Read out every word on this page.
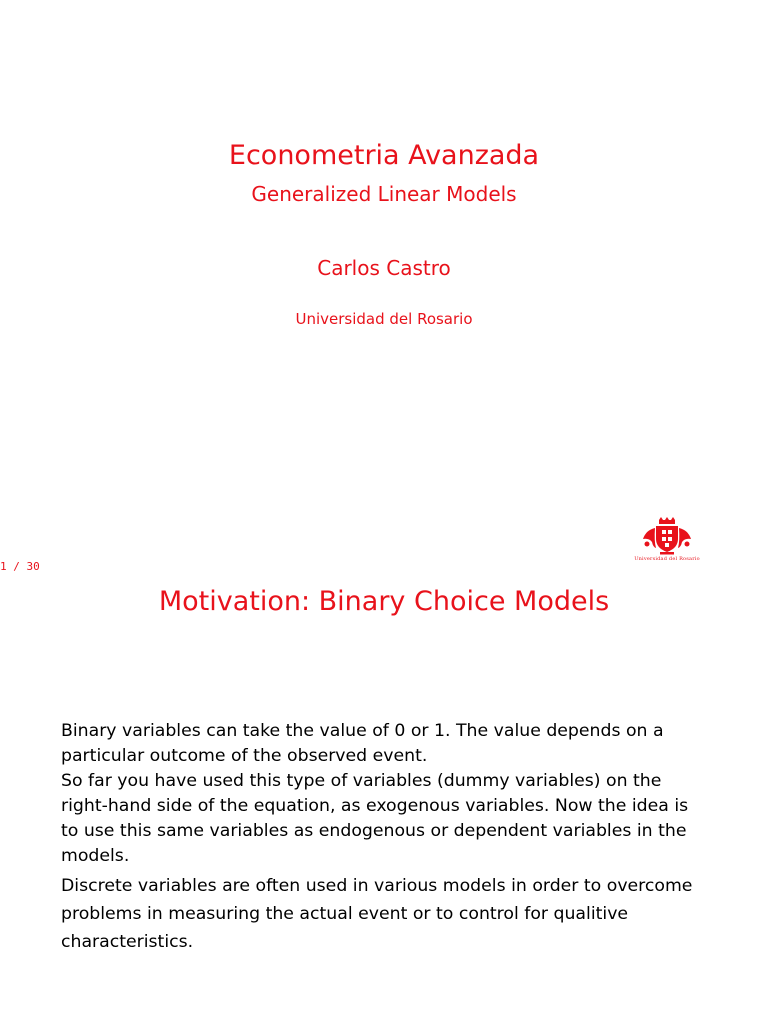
Econometria Avanzada
Generalized Linear Models
Carlos Castro
Universidad del Rosario
Universidad del Rosario
1 / 30
Motivation: Binary Choice Models

Binary variables can take the value of 0 or 1. The value depends on a particular outcome of the observed event.

So far you have used this type of variables (dummy variables) on the right-hand side of the equation, as exogenous variables. Now the idea is to use this same variables as endogenous or dependent variables in the models.

Discrete variables are often used in various models in order to overcome problems in measuring the actual event or to control for qualitive characteristics.
